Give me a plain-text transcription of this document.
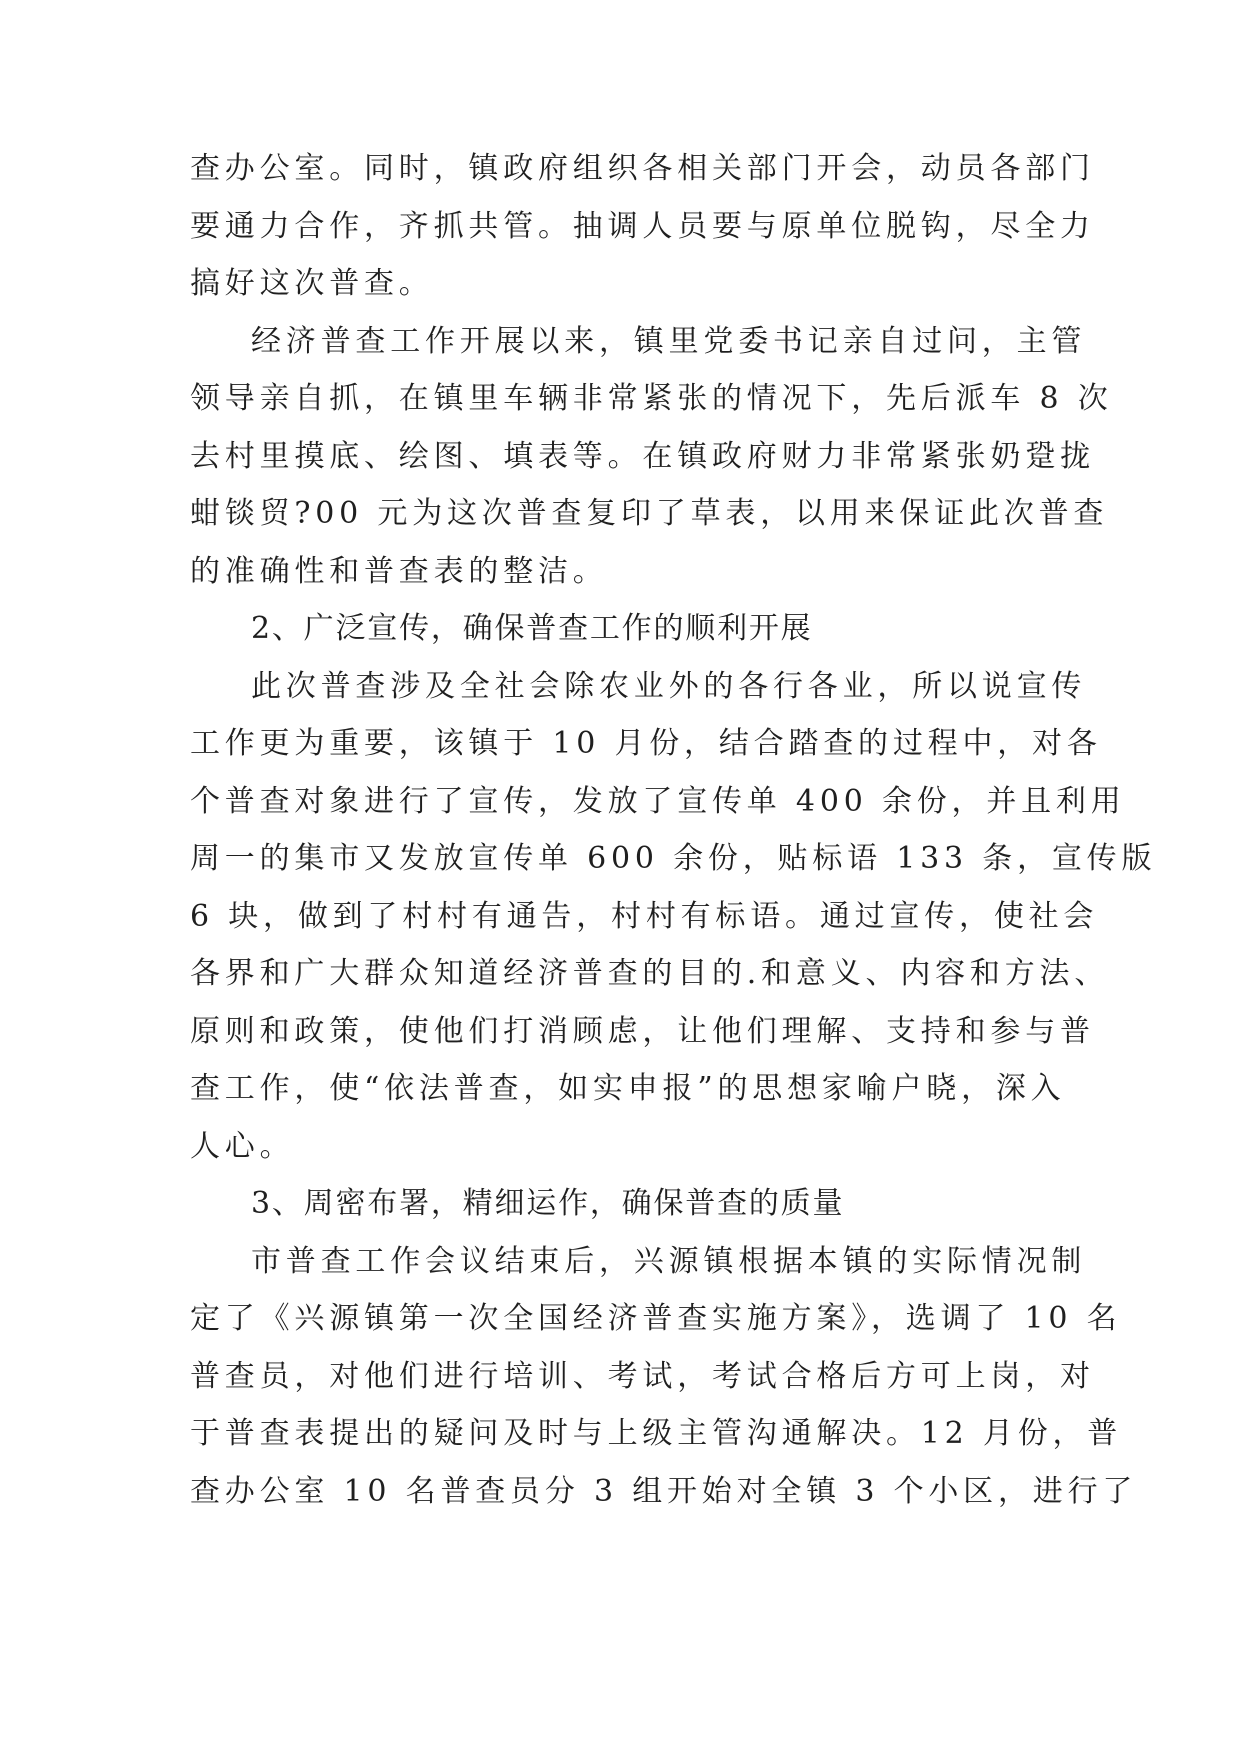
查办公室。同时，镇政府组织各相关部门开会，动员各部门
要通力合作，齐抓共管。抽调人员要与原单位脱钩，尽全力
搞好这次普查。
经济普查工作开展以来，镇里党委书记亲自过问，主管
领导亲自抓，在镇里车辆非常紧张的情况下，先后派车 8 次
去村里摸底、绘图、填表等。在镇政府财力非常紧张奶跫拢
蚶锬贸?00 元为这次普查复印了草表，以用来保证此次普查
的准确性和普查表的整洁。
2、广泛宣传，确保普查工作的顺利开展
此次普查涉及全社会除农业外的各行各业，所以说宣传
工作更为重要，该镇于 10 月份，结合踏查的过程中，对各
个普查对象进行了宣传，发放了宣传单 400 余份，并且利用
周一的集市又发放宣传单 600 余份，贴标语 133 条，宣传版
6 块，做到了村村有通告，村村有标语。通过宣传，使社会
各界和广大群众知道经济普查的目的.和意义、内容和方法、
原则和政策，使他们打消顾虑，让他们理解、支持和参与普
查工作，使“依法普查，如实申报”的思想家喻户晓，深入
人心。
3、周密布署，精细运作，确保普查的质量
市普查工作会议结束后，兴源镇根据本镇的实际情况制
定了《兴源镇第一次全国经济普查实施方案》，选调了 10 名
普查员，对他们进行培训、考试，考试合格后方可上岗，对
于普查表提出的疑问及时与上级主管沟通解决。12 月份，普
查办公室 10 名普查员分 3 组开始对全镇 3 个小区，进行了
